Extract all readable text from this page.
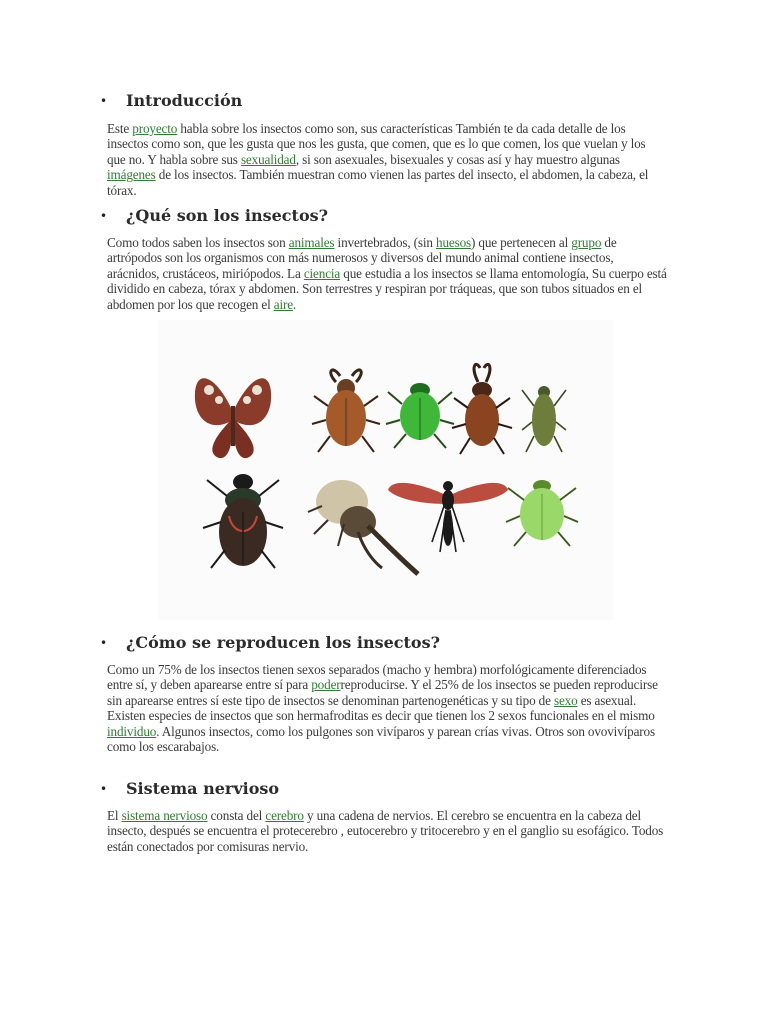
•	Introducción
Este proyecto habla sobre los insectos como son, sus características También te da cada detalle de los insectos como son, que les gusta que nos les gusta, que comen, que es lo que comen, los que vuelan y los que no. Y habla sobre sus sexualidad, si son asexuales, bisexuales y cosas así y hay muestro algunas imágenes de los insectos. También muestran como vienen las partes del insecto, el abdomen, la cabeza, el tórax.
•	¿Qué son los insectos?
Como todos saben los insectos son animales invertebrados, (sin huesos) que pertenecen al grupo de artrópodos son los organismos con más numerosos y diversos del mundo animal contiene insectos, arácnidos, crustáceos, miriópodos. La ciencia que estudia a los insectos se llama entomología, Su cuerpo está dividido en cabeza, tórax y abdomen. Son terrestres y respiran por tráqueas, que son tubos situados en el abdomen por los que recogen el aire.
•	¿Cómo se reproducen los insectos?
Como un 75% de los insectos tienen sexos separados (macho y hembra) morfológicamente diferenciados entre sí, y deben aparearse entre sí para poderreproducirse. Y el 25% de los insectos se pueden reproducirse sin aparearse entres sí este tipo de insectos se denominan partenogenéticas y su tipo de sexo es asexual. Existen especies de insectos que son hermafroditas es decir que tienen los 2 sexos funcionales en el mismo individuo. Algunos insectos, como los pulgones son vivíparos y parean crías vivas. Otros son ovovivíparos como los escarabajos.
•	Sistema nervioso
El sistema nervioso consta del cerebro y una cadena de nervios. El cerebro se encuentra en la cabeza del insecto, después se encuentra el protecerebro , eutocerebro y tritocerebro y en el ganglio su esofágico. Todos están conectados por comisuras nervio.
